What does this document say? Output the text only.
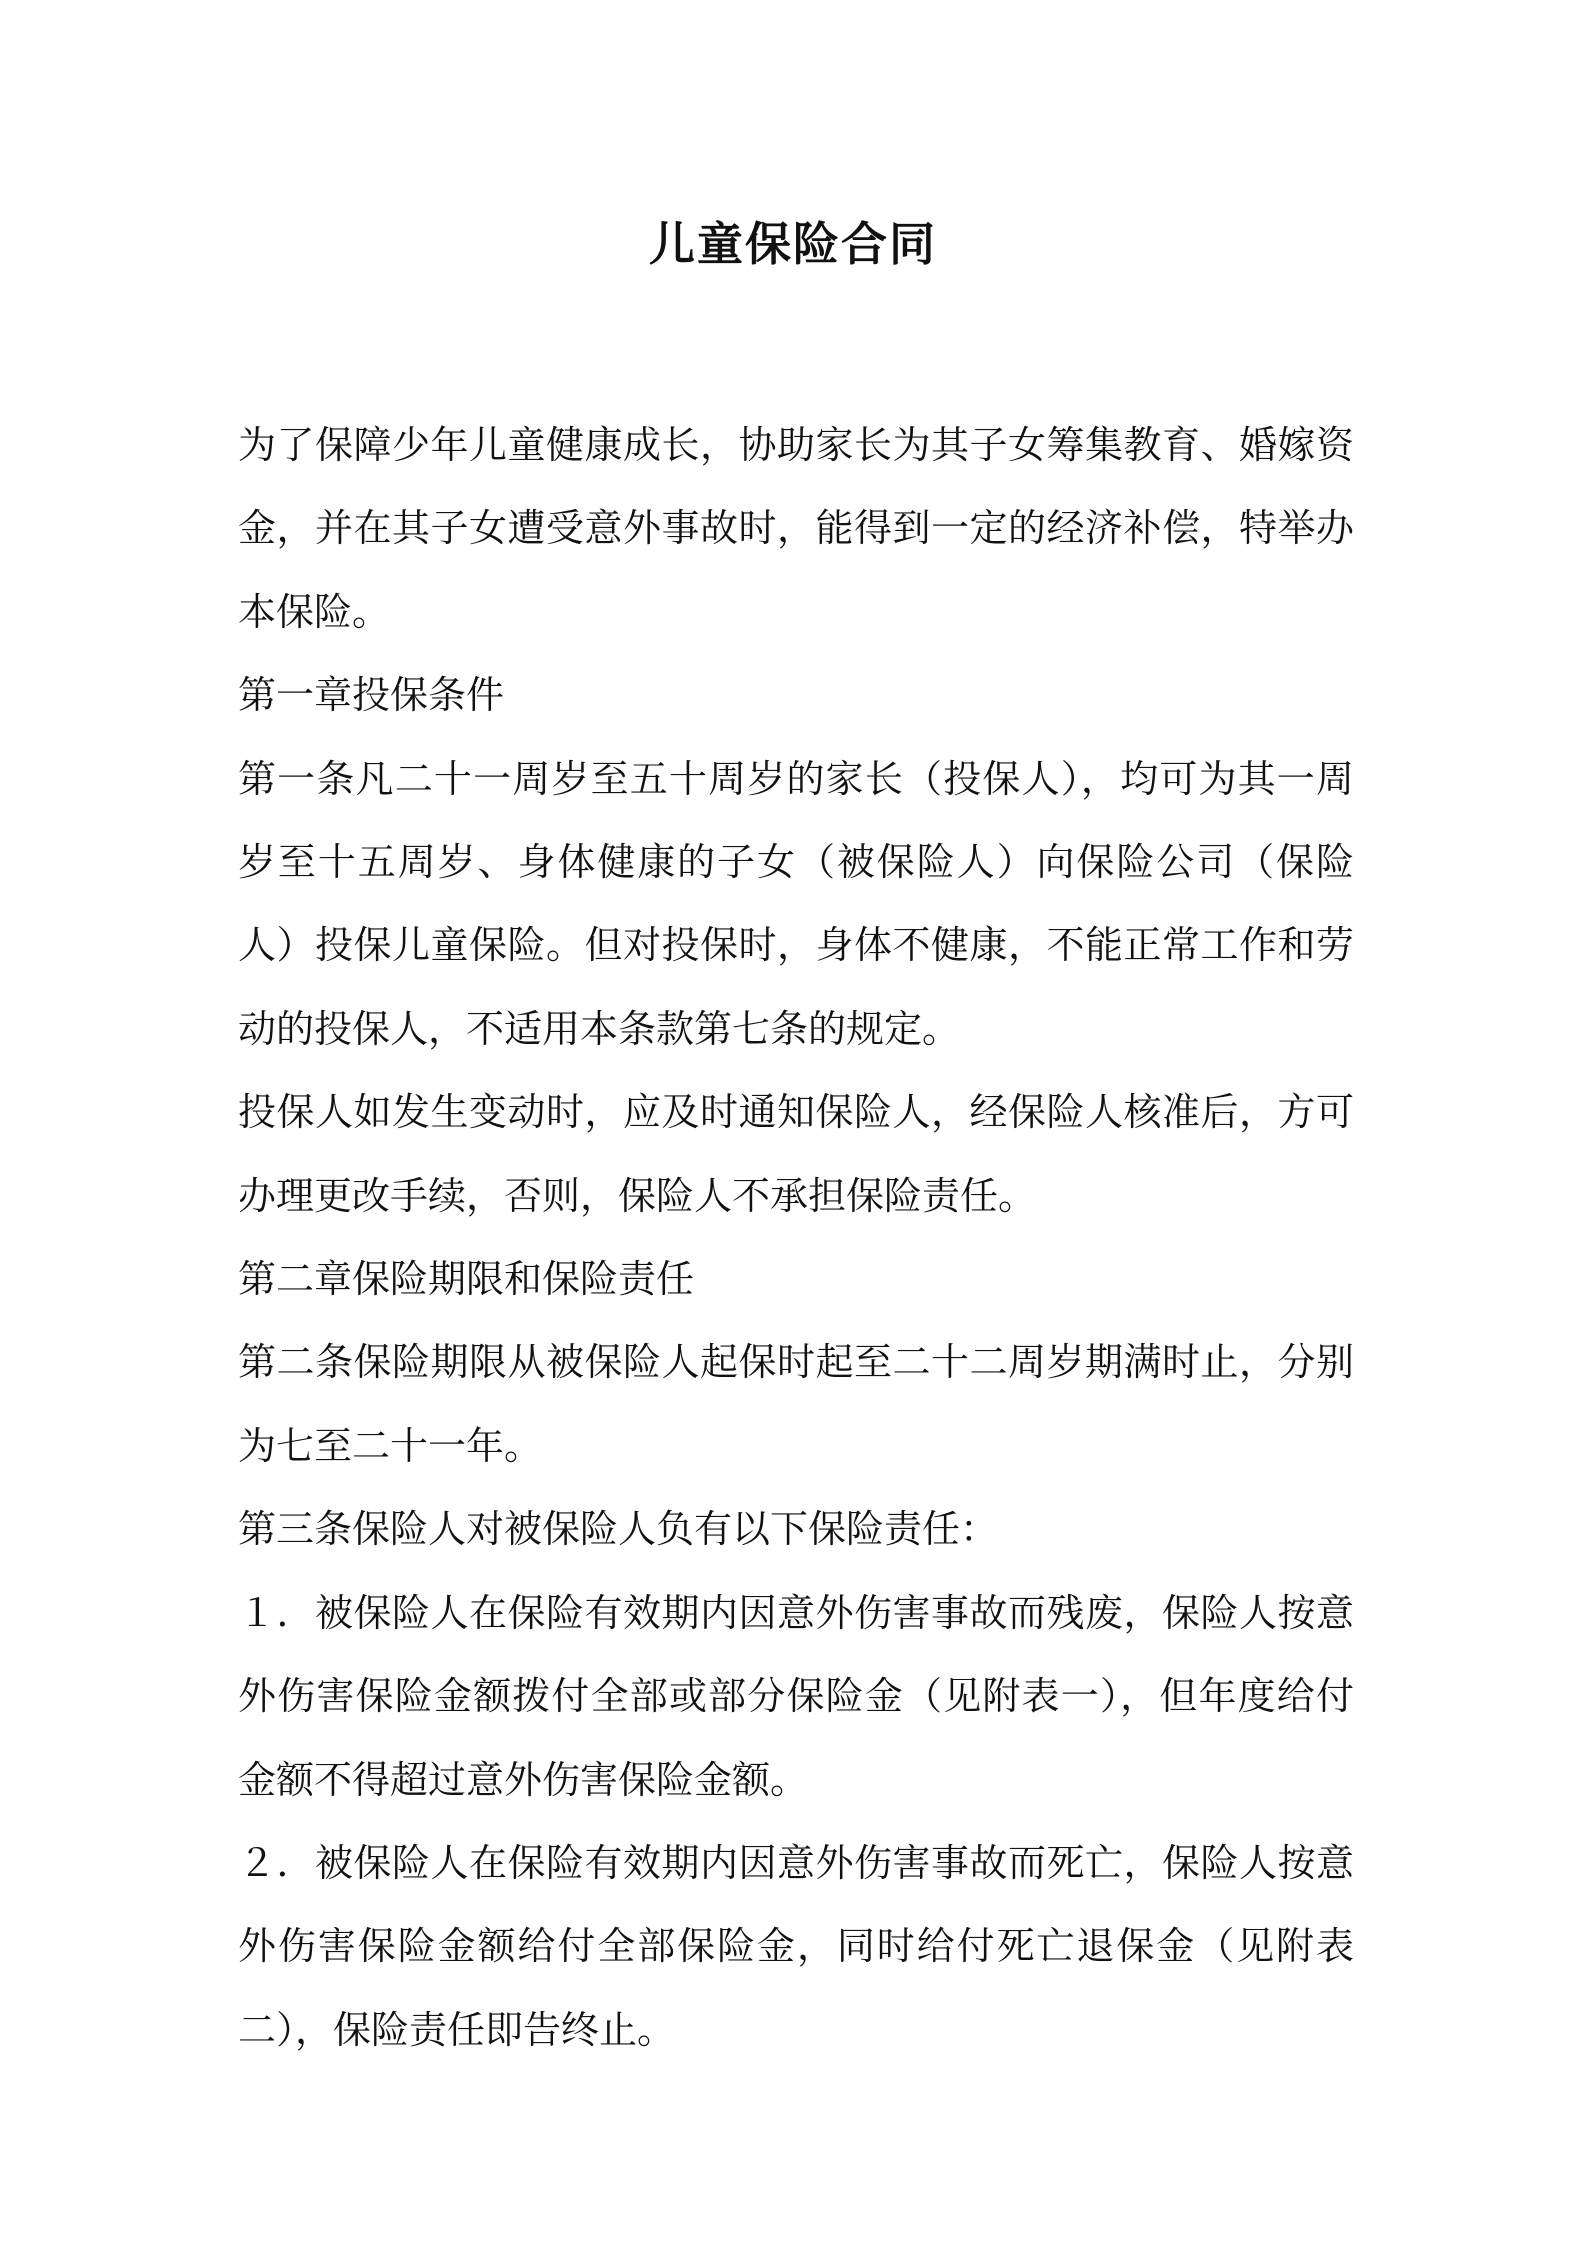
儿童保险合同

为了保障少年儿童健康成长，协助家长为其子女筹集教育、婚嫁资金，并在其子女遭受意外事故时，能得到一定的经济补偿，特举办本保险。

第一章投保条件

第一条凡二十一周岁至五十周岁的家长（投保人），均可为其一周岁至十五周岁、身体健康的子女（被保险人）向保险公司（保险人）投保儿童保险。但对投保时，身体不健康，不能正常工作和劳动的投保人，不适用本条款第七条的规定。

投保人如发生变动时，应及时通知保险人，经保险人核准后，方可办理更改手续，否则，保险人不承担保险责任。

第二章保险期限和保险责任

第二条保险期限从被保险人起保时起至二十二周岁期满时止，分别为七至二十一年。

第三条保险人对被保险人负有以下保险责任：

１．被保险人在保险有效期内因意外伤害事故而残废，保险人按意外伤害保险金额拨付全部或部分保险金（见附表一），但年度给付金额不得超过意外伤害保险金额。

２．被保险人在保险有效期内因意外伤害事故而死亡，保险人按意外伤害保险金额给付全部保险金，同时给付死亡退保金（见附表二），保险责任即告终止。
